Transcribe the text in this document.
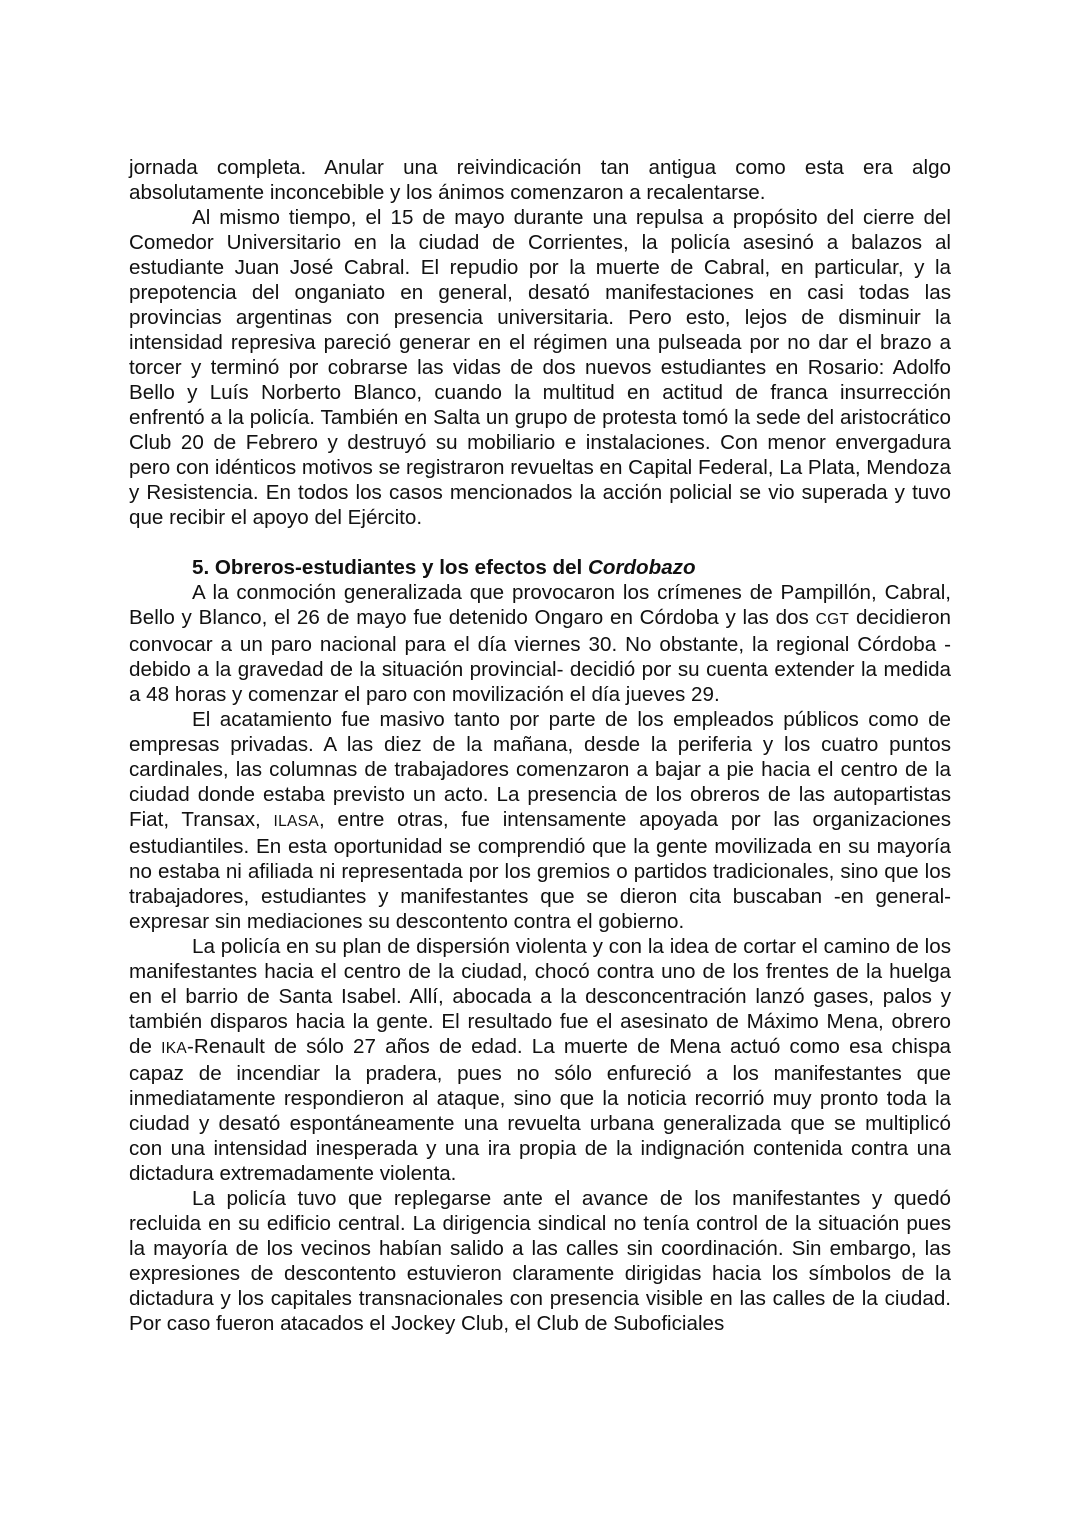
jornada completa. Anular una reivindicación tan antigua como esta era algo absolutamente inconcebible y los ánimos comenzaron a recalentarse.

Al mismo tiempo, el 15 de mayo durante una repulsa a propósito del cierre del Comedor Universitario en la ciudad de Corrientes, la policía asesinó a balazos al estudiante Juan José Cabral. El repudio por la muerte de Cabral, en particular, y la prepotencia del onganiato en general, desató manifestaciones en casi todas las provincias argentinas con presencia universitaria. Pero esto, lejos de disminuir la intensidad represiva pareció generar en el régimen una pulseada por no dar el brazo a torcer y terminó por cobrarse las vidas de dos nuevos estudiantes en Rosario: Adolfo Bello y Luís Norberto Blanco, cuando la multitud en actitud de franca insurrección enfrentó a la policía. También en Salta un grupo de protesta tomó la sede del aristocrático Club 20 de Febrero y destruyó su mobiliario e instalaciones. Con menor envergadura pero con idénticos motivos se registraron revueltas en Capital Federal, La Plata, Mendoza y Resistencia. En todos los casos mencionados la acción policial se vio superada y tuvo que recibir el apoyo del Ejército.

5. Obreros-estudiantes y los efectos del Cordobazo

A la conmoción generalizada que provocaron los crímenes de Pampillón, Cabral, Bello y Blanco, el 26 de mayo fue detenido Ongaro en Córdoba y las dos CGT decidieron convocar a un paro nacional para el día viernes 30. No obstante, la regional Córdoba -debido a la gravedad de la situación provincial- decidió por su cuenta extender la medida a 48 horas y comenzar el paro con movilización el día jueves 29.

El acatamiento fue masivo tanto por parte de los empleados públicos como de empresas privadas. A las diez de la mañana, desde la periferia y los cuatro puntos cardinales, las columnas de trabajadores comenzaron a bajar a pie hacia el centro de la ciudad donde estaba previsto un acto. La presencia de los obreros de las autopartistas Fiat, Transax, ILASA, entre otras, fue intensamente apoyada por las organizaciones estudiantiles. En esta oportunidad se comprendió que la gente movilizada en su mayoría no estaba ni afiliada ni representada por los gremios o partidos tradicionales, sino que los trabajadores, estudiantes y manifestantes que se dieron cita buscaban -en general- expresar sin mediaciones su descontento contra el gobierno.

La policía en su plan de dispersión violenta y con la idea de cortar el camino de los manifestantes hacia el centro de la ciudad, chocó contra uno de los frentes de la huelga en el barrio de Santa Isabel. Allí, abocada a la desconcentración lanzó gases, palos y también disparos hacia la gente. El resultado fue el asesinato de Máximo Mena, obrero de IKA-Renault de sólo 27 años de edad. La muerte de Mena actuó como esa chispa capaz de incendiar la pradera, pues no sólo enfureció a los manifestantes que inmediatamente respondieron al ataque, sino que la noticia recorrió muy pronto toda la ciudad y desató espontáneamente una revuelta urbana generalizada que se multiplicó con una intensidad inesperada y una ira propia de la indignación contenida contra una dictadura extremadamente violenta.

La policía tuvo que replegarse ante el avance de los manifestantes y quedó recluida en su edificio central. La dirigencia sindical no tenía control de la situación pues la mayoría de los vecinos habían salido a las calles sin coordinación. Sin embargo, las expresiones de descontento estuvieron claramente dirigidas hacia los símbolos de la dictadura y los capitales transnacionales con presencia visible en las calles de la ciudad. Por caso fueron atacados el Jockey Club, el Club de Suboficiales
